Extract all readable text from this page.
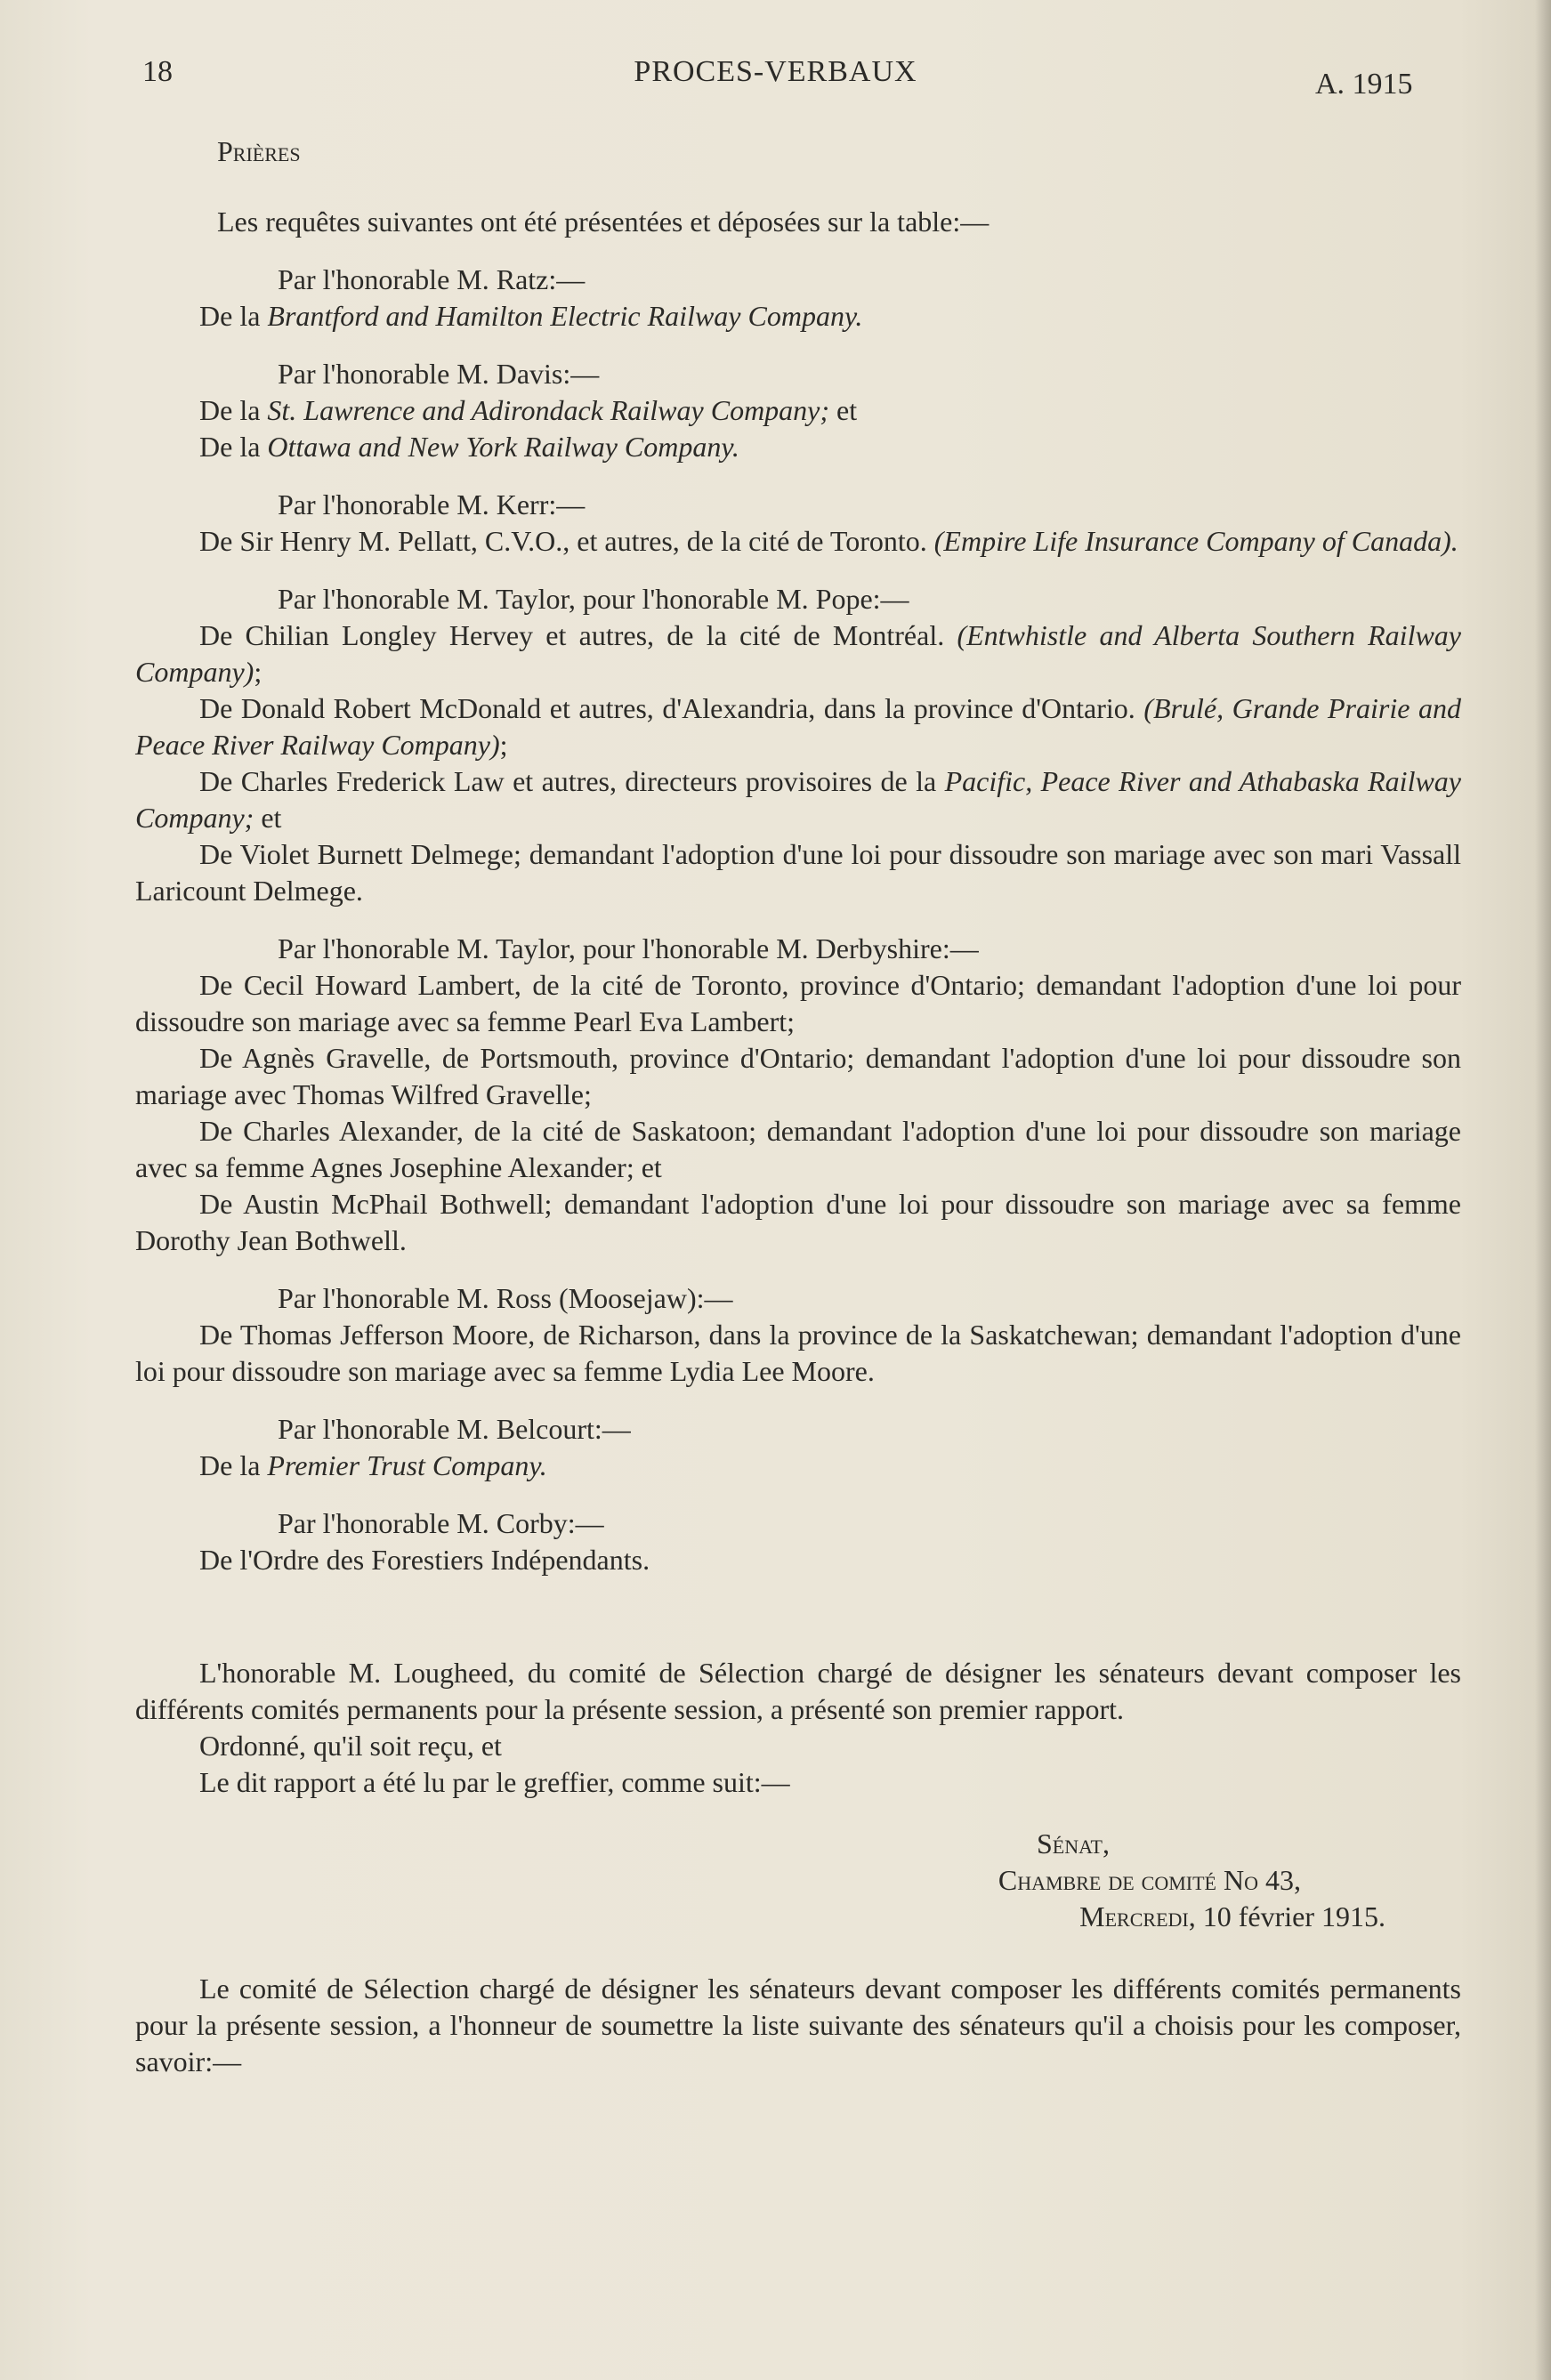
18	PROCES-VERBAUX	A. 1915
Prières

Les requêtes suivantes ont été présentées et déposées sur la table:—

Par l'honorable M. Ratz:—

De la Brantford and Hamilton Electric Railway Company.

Par l'honorable M. Davis:—

De la St. Lawrence and Adirondack Railway Company; et

De la Ottawa and New York Railway Company.

Par l'honorable M. Kerr:—

De Sir Henry M. Pellatt, C.V.O., et autres, de la cité de Toronto. (Empire Life Insurance Company of Canada).

Par l'honorable M. Taylor, pour l'honorable M. Pope:—

De Chilian Longley Hervey et autres, de la cité de Montréal. (Entwhistle and Alberta Southern Railway Company);

De Donald Robert McDonald et autres, d'Alexandria, dans la province d'Ontario. (Brulé, Grande Prairie and Peace River Railway Company);

De Charles Frederick Law et autres, directeurs provisoires de la Pacific, Peace River and Athabaska Railway Company; et

De Violet Burnett Delmege; demandant l'adoption d'une loi pour dissoudre son mariage avec son mari Vassall Laricount Delmege.

Par l'honorable M. Taylor, pour l'honorable M. Derbyshire:—

De Cecil Howard Lambert, de la cité de Toronto, province d'Ontario; demandant l'adoption d'une loi pour dissoudre son mariage avec sa femme Pearl Eva Lambert;

De Agnès Gravelle, de Portsmouth, province d'Ontario; demandant l'adoption d'une loi pour dissoudre son mariage avec Thomas Wilfred Gravelle;

De Charles Alexander, de la cité de Saskatoon; demandant l'adoption d'une loi pour dissoudre son mariage avec sa femme Agnes Josephine Alexander; et

De Austin McPhail Bothwell; demandant l'adoption d'une loi pour dissoudre son mariage avec sa femme Dorothy Jean Bothwell.

Par l'honorable M. Ross (Moosejaw):—

De Thomas Jefferson Moore, de Richarson, dans la province de la Saskatchewan; demandant l'adoption d'une loi pour dissoudre son mariage avec sa femme Lydia Lee Moore.

Par l'honorable M. Belcourt:—

De la Premier Trust Company.

Par l'honorable M. Corby:—

De l'Ordre des Forestiers Indépendants.

L'honorable M. Lougheed, du comité de Sélection chargé de désigner les sénateurs devant composer les différents comités permanents pour la présente session, a présenté son premier rapport.

Ordonné, qu'il soit reçu, et

Le dit rapport a été lu par le greffier, comme suit:—

Sénat,
Chambre de comité No 43,
Mercredi, 10 février 1915.

Le comité de Sélection chargé de désigner les sénateurs devant composer les différents comités permanents pour la présente session, a l'honneur de soumettre la liste suivante des sénateurs qu'il a choisis pour les composer, savoir:—
